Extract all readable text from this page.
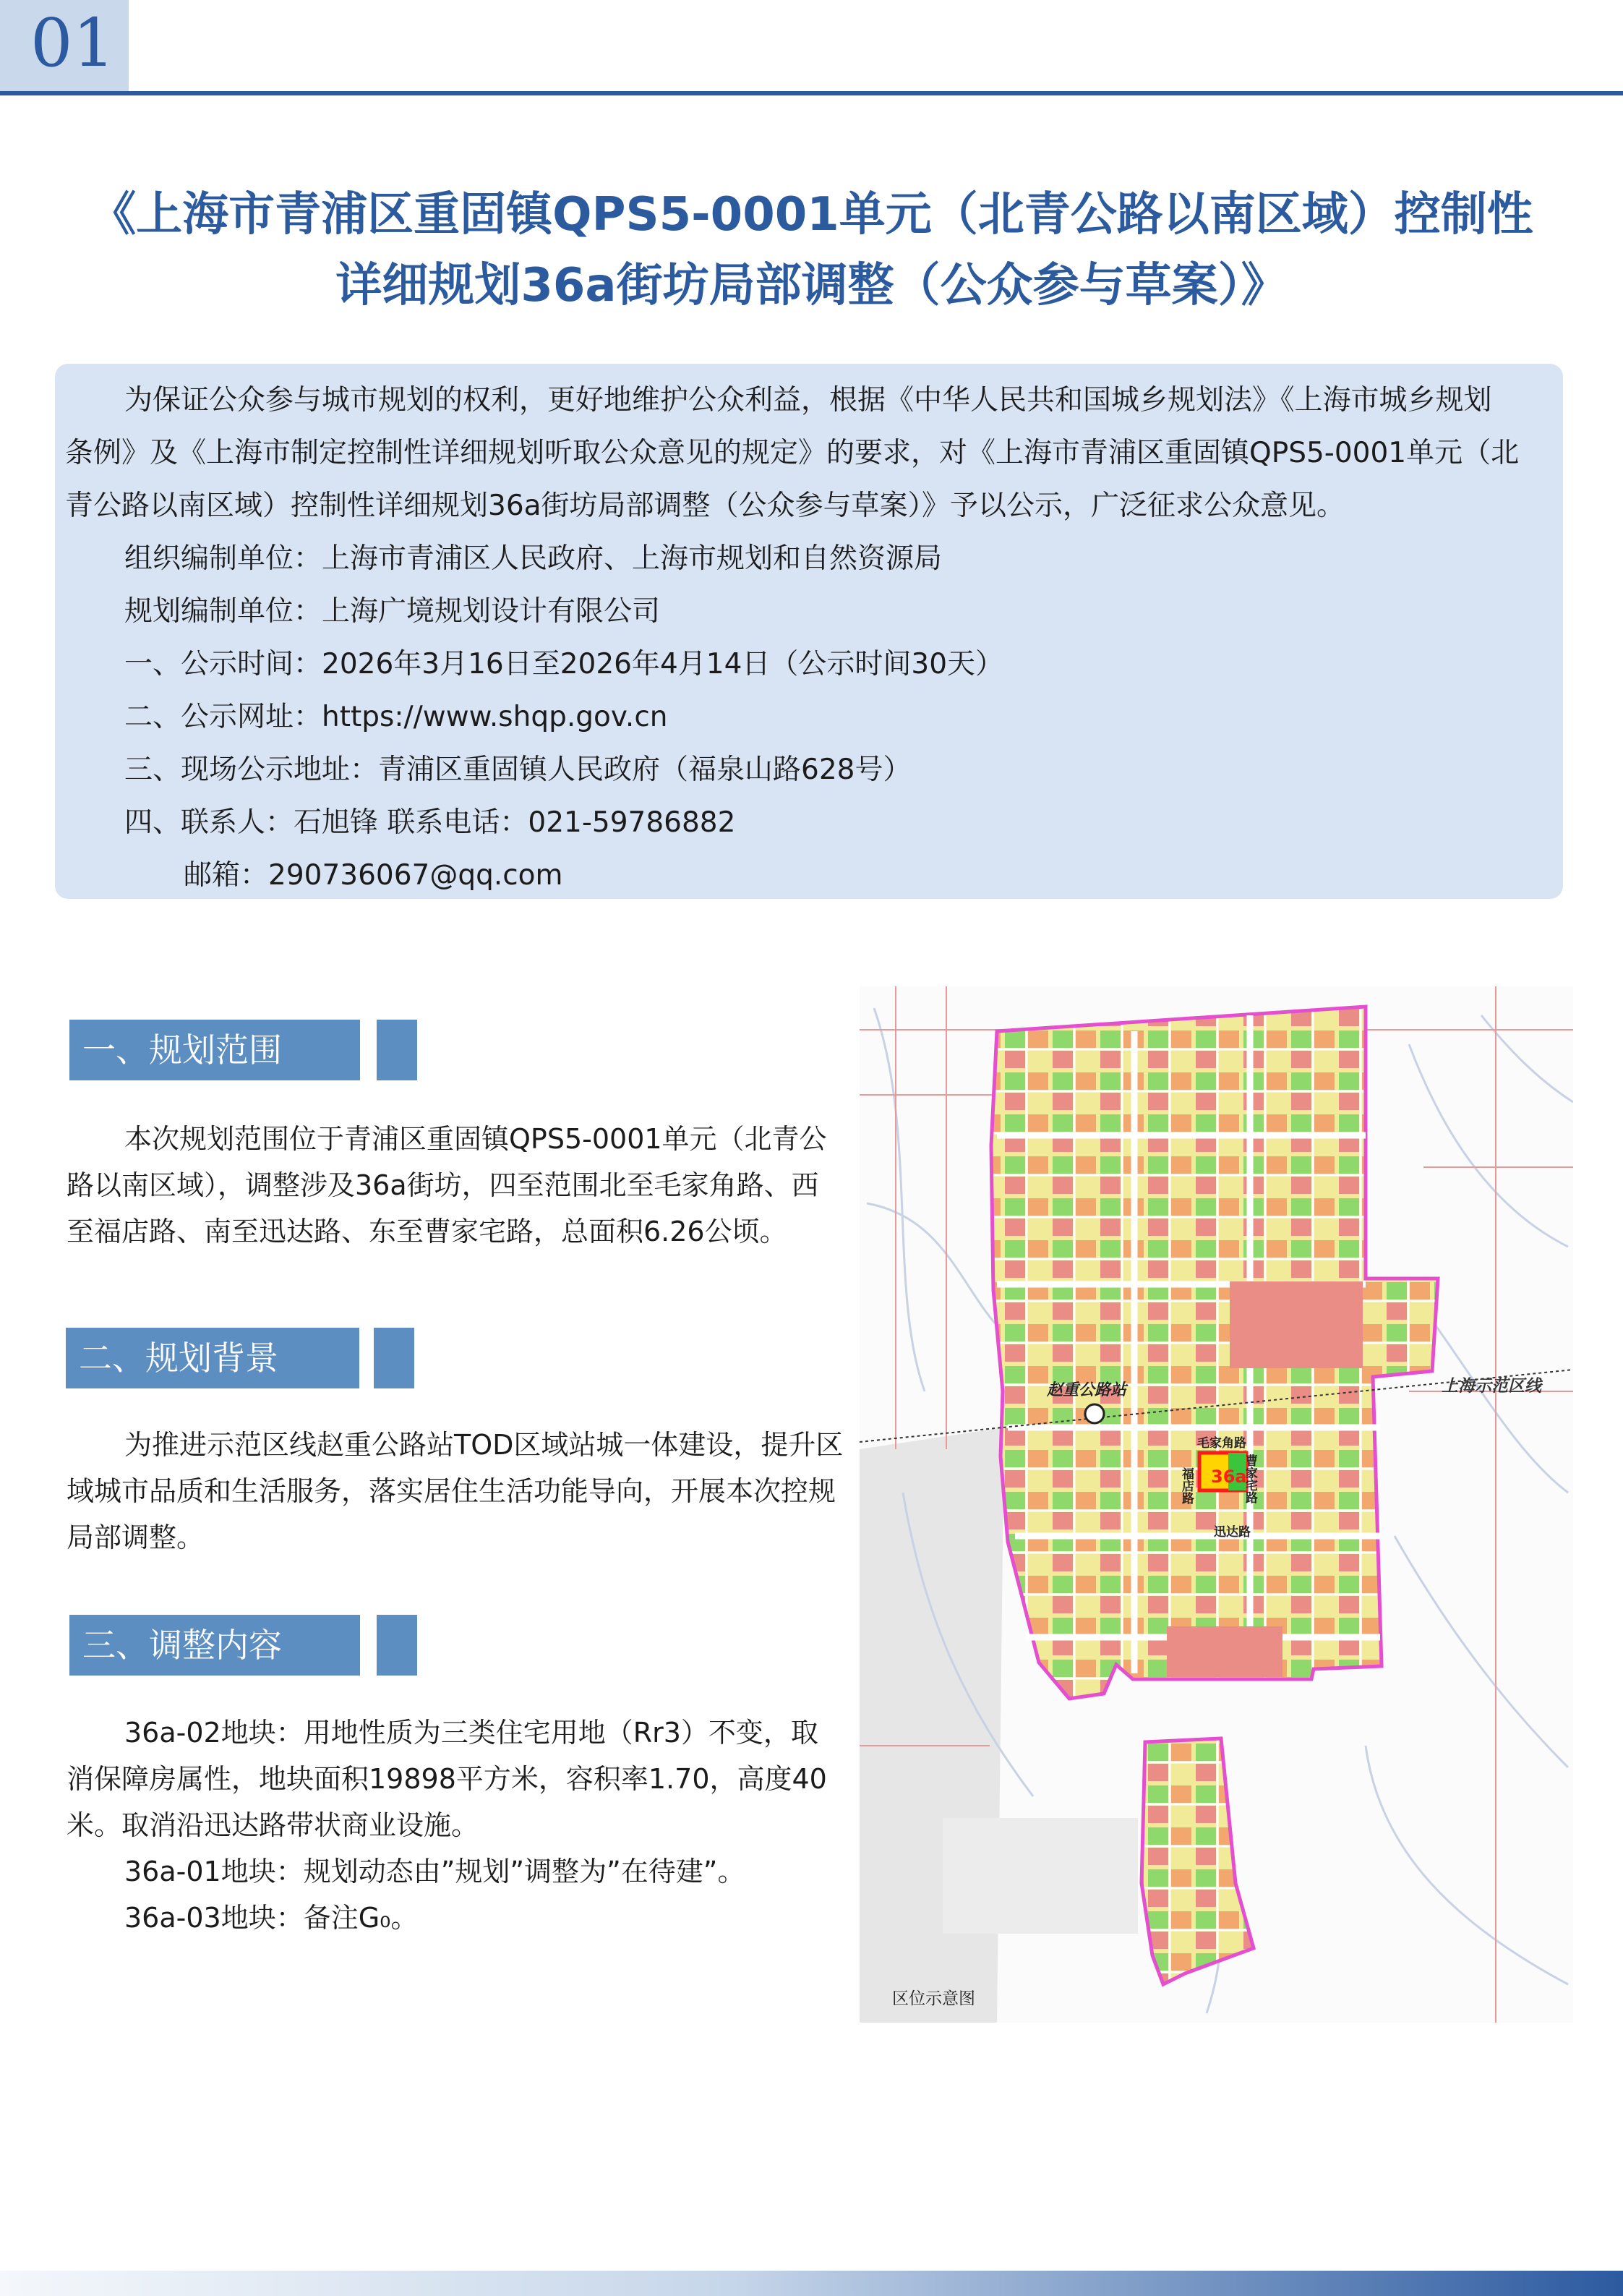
01
《上海市青浦区重固镇QPS5-0001单元（北青公路以南区域）控制性
详细规划36a街坊局部调整（公众参与草案）》
为保证公众参与城市规划的权利，更好地维护公众利益，根据《中华人民共和国城乡规划法》《上海市城乡规划
条例》及《上海市制定控制性详细规划听取公众意见的规定》的要求，对《上海市青浦区重固镇QPS5-0001单元（北
青公路以南区域）控制性详细规划36a街坊局部调整（公众参与草案）》予以公示，广泛征求公众意见。
组织编制单位：上海市青浦区人民政府、上海市规划和自然资源局
规划编制单位：上海广境规划设计有限公司
一、公示时间：2026年3月16日至2026年4月14日（公示时间30天）
二、公示网址：https://www.shqp.gov.cn
三、现场公示地址：青浦区重固镇人民政府（福泉山路628号）
四、联系人：石旭锋 联系电话：021-59786882
邮箱：290736067@qq.com
一、规划范围
本次规划范围位于青浦区重固镇QPS5-0001单元（北青公
路以南区域），调整涉及36a街坊，四至范围北至毛家角路、西
至福店路、南至迅达路、东至曹家宅路，总面积6.26公顷。
二、规划背景
为推进示范区线赵重公路站TOD区域站城一体建设，提升区
域城市品质和生活服务，落实居住生活功能导向，开展本次控规
局部调整。
三、调整内容
36a-02地块：用地性质为三类住宅用地（Rr3）不变，取
消保障房属性，地块面积19898平方米，容积率1.70，高度40
米。取消沿迅达路带状商业设施。
36a-01地块：规划动态由”规划”调整为”在待建”。
36a-03地块：备注G₀。
上海示范区线
赵重公路站
36a
毛家角路
曹家宅路
福店路
迅达路
区位示意图
